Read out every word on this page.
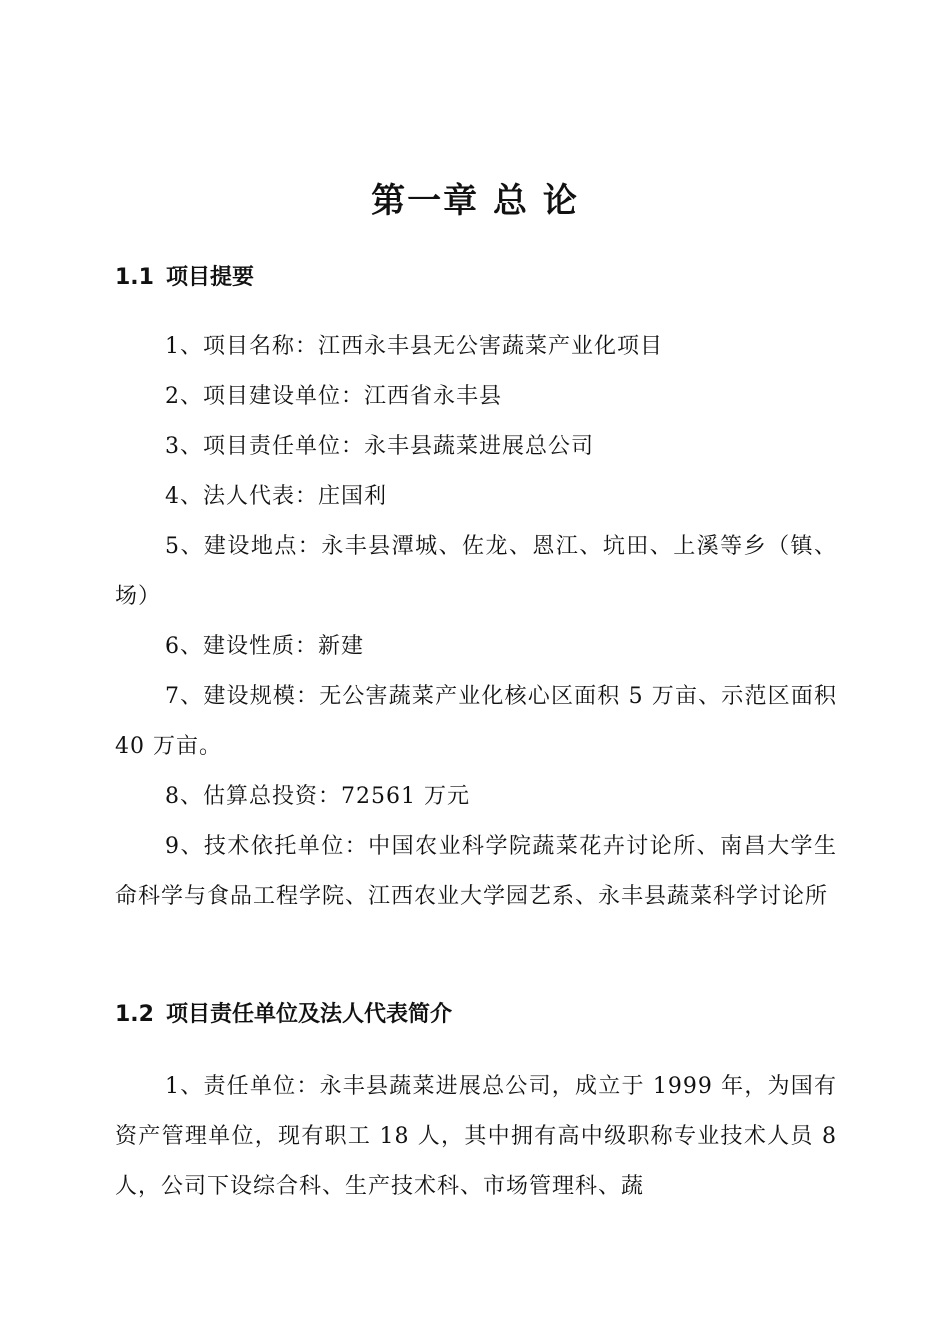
第一章 总 论
1.1 项目提要

1、项目名称：江西永丰县无公害蔬菜产业化项目

2、项目建设单位：江西省永丰县

3、项目责任单位：永丰县蔬菜进展总公司

4、法人代表：庄国利

5、建设地点：永丰县潭城、佐龙、恩江、坑田、上溪等乡（镇、场）

6、建设性质：新建

7、建设规模：无公害蔬菜产业化核心区面积 5 万亩、示范区面积 40 万亩。

8、估算总投资：72561 万元

9、技术依托单位：中国农业科学院蔬菜花卉讨论所、南昌大学生命科学与食品工程学院、江西农业大学园艺系、永丰县蔬菜科学讨论所

1.2 项目责任单位及法人代表简介

1、责任单位：永丰县蔬菜进展总公司，成立于 1999 年，为国有资产管理单位，现有职工 18 人，其中拥有高中级职称专业技术人员 8 人，公司下设综合科、生产技术科、市场管理科、蔬
